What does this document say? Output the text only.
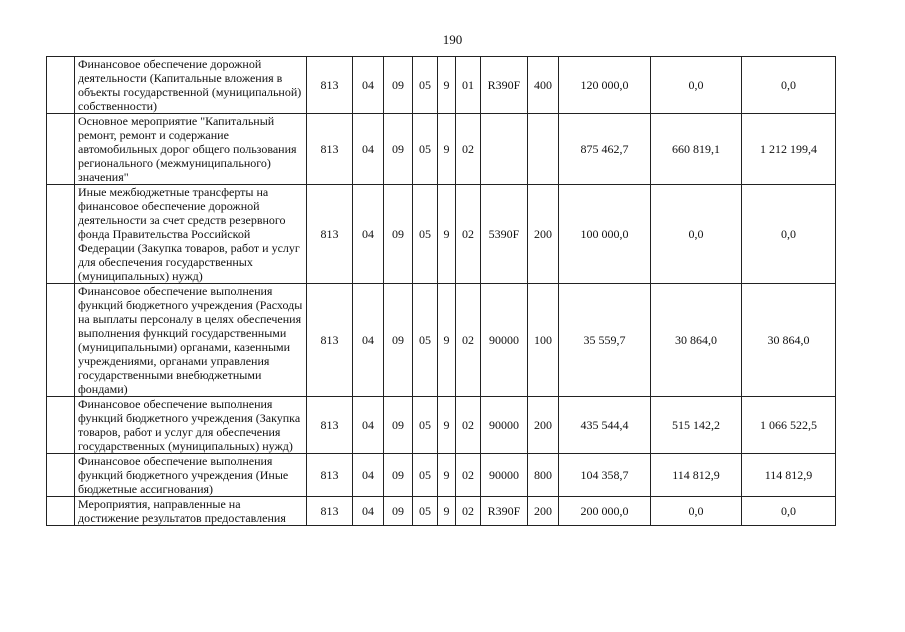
190
	Финансовое обеспечение дорожной деятельности (Капитальные вложения в объекты государственной (муниципальной) собственности)	813	04	09	05	9	01	R390F	400	120 000,0	0,0	0,0
	Основное мероприятие "Капитальный ремонт, ремонт и содержание автомобильных дорог общего пользования регионального (межмуниципального) значения"	813	04	09	05	9	02			875 462,7	660 819,1	1 212 199,4
	Иные межбюджетные трансферты на финансовое обеспечение дорожной деятельности за счет средств резервного фонда Правительства Российской Федерации (Закупка товаров, работ и услуг для обеспечения государственных (муниципальных) нужд)	813	04	09	05	9	02	5390F	200	100 000,0	0,0	0,0
	Финансовое обеспечение выполнения функций бюджетного учреждения (Расходы на выплаты персоналу в целях обеспечения выполнения функций государственными (муниципальными) органами, казенными учреждениями, органами управления государственными внебюджетными фондами)	813	04	09	05	9	02	90000	100	35 559,7	30 864,0	30 864,0
	Финансовое обеспечение выполнения функций бюджетного учреждения (Закупка товаров, работ и услуг для обеспечения государственных (муниципальных) нужд)	813	04	09	05	9	02	90000	200	435 544,4	515 142,2	1 066 522,5
	Финансовое обеспечение выполнения функций бюджетного учреждения (Иные бюджетные ассигнования)	813	04	09	05	9	02	90000	800	104 358,7	114 812,9	114 812,9
	Мероприятия, направленные на достижение результатов предоставления	813	04	09	05	9	02	R390F	200	200 000,0	0,0	0,0
